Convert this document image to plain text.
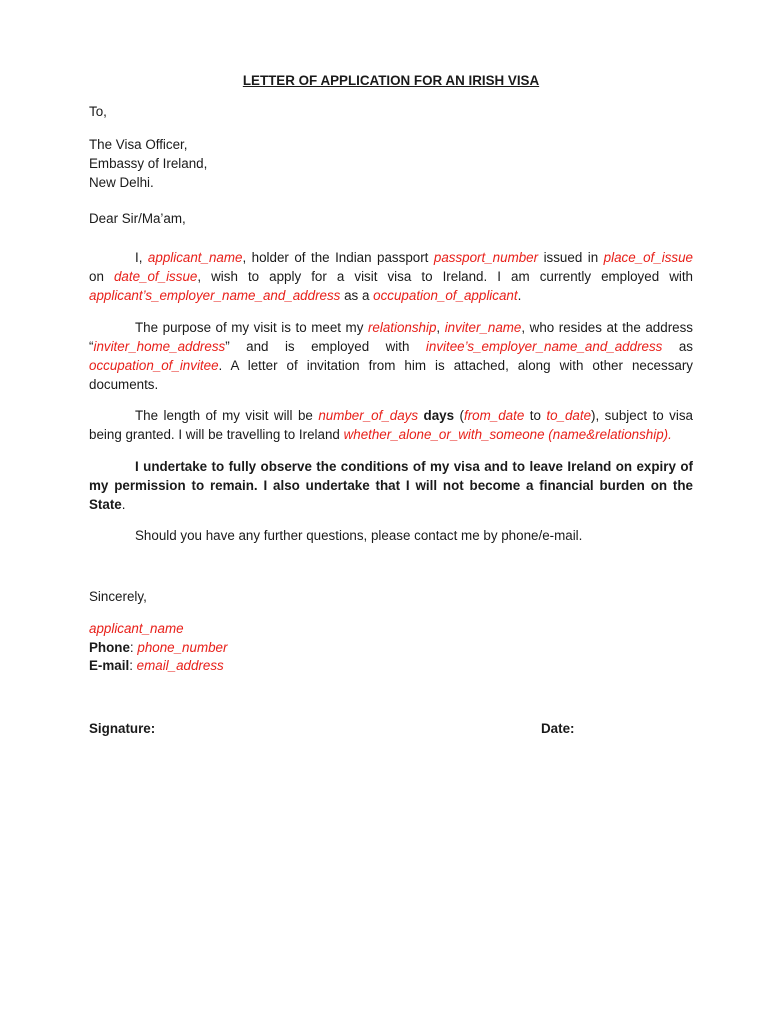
LETTER OF APPLICATION FOR AN IRISH VISA
To,
The Visa Officer,
Embassy of Ireland,
New Delhi.
Dear Sir/Ma’am,
I, applicant_name, holder of the Indian passport passport_number issued in place_of_issue on date_of_issue, wish to apply for a visit visa to Ireland. I am currently employed with applicant’s_employer_name_and_address as a occupation_of_applicant.
The purpose of my visit is to meet my relationship, inviter_name, who resides at the address “inviter_home_address” and is employed with invitee’s_employer_name_and_address as occupation_of_invitee. A letter of invitation from him is attached, along with other necessary documents.
The length of my visit will be number_of_days days (from_date to to_date), subject to visa being granted. I will be travelling to Ireland whether_alone_or_with_someone (name&relationship).
I undertake to fully observe the conditions of my visa and to leave Ireland on expiry of my permission to remain. I also undertake that I will not become a financial burden on the State.
Should you have any further questions, please contact me by phone/e-mail.
Sincerely,
applicant_name
Phone: phone_number
E-mail: email_address
Signature:	Date:
